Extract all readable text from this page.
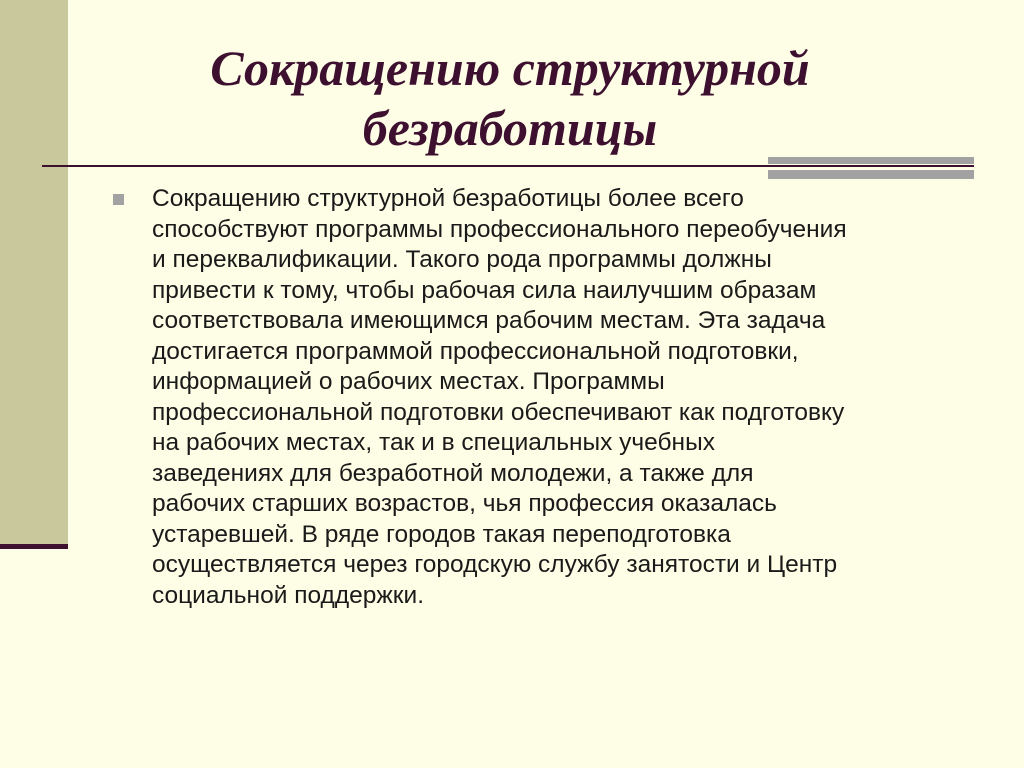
Сокращению структурной
безработицы

Сокращению структурной безработицы более всего
способствуют программы профессионального переобучения
и переквалификации. Такого рода программы должны
привести к тому, чтобы рабочая сила наилучшим образам
соответствовала имеющимся рабочим местам. Эта задача
достигается программой профессиональной подготовки,
информацией о рабочих местах. Программы
профессиональной подготовки обеспечивают как подготовку
на рабочих местах, так и в специальных учебных
заведениях для безработной молодежи, а также для
рабочих старших возрастов, чья профессия оказалась
устаревшей. В ряде городов такая переподготовка
осуществляется через городскую службу занятости и Центр
социальной поддержки.
